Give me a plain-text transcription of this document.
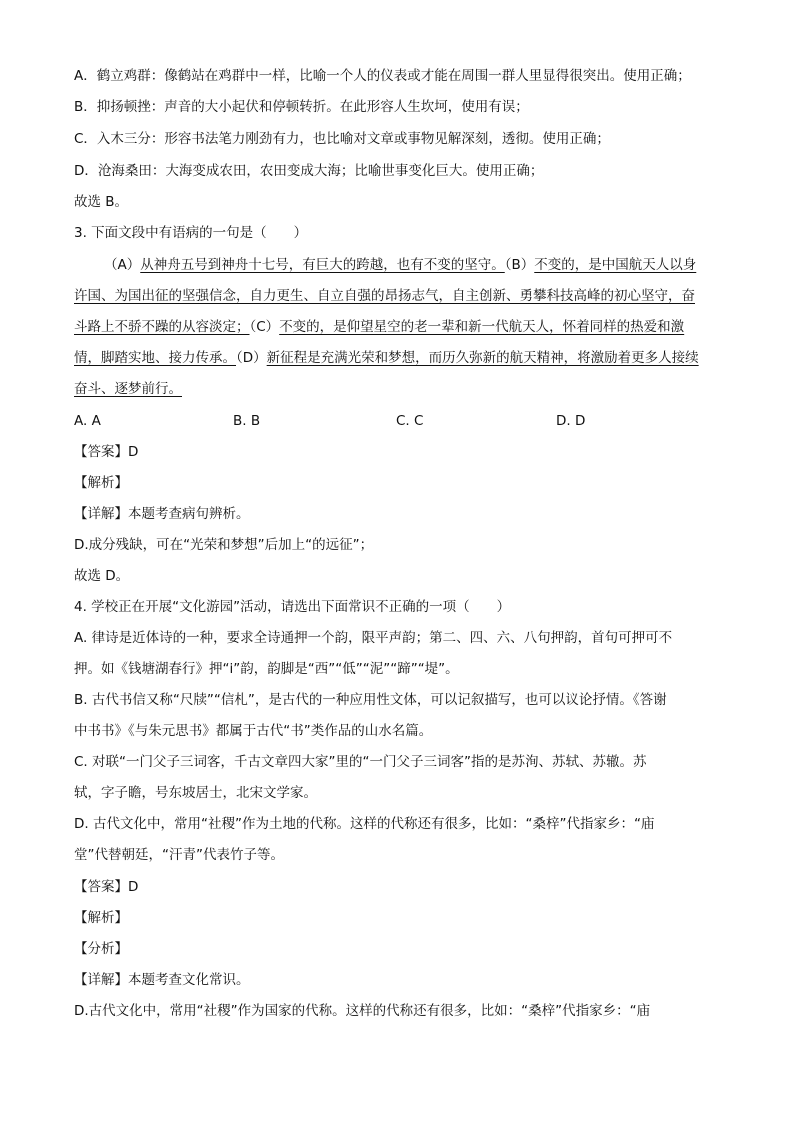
A．鹤立鸡群：像鹤站在鸡群中一样，比喻一个人的仪表或才能在周围一群人里显得很突出。使用正确；
B．抑扬顿挫：声音的大小起伏和停顿转折。在此形容人生坎坷，使用有误；
C．入木三分：形容书法笔力刚劲有力，也比喻对文章或事物见解深刻，透彻。使用正确；
D．沧海桑田：大海变成农田，农田变成大海；比喻世事变化巨大。使用正确；
故选 B。
3. 下面文段中有语病的一句是（　　）
（A）从神舟五号到神舟十七号，有巨大的跨越，也有不变的坚守。（B）不变的，是中国航天人以身
许国、为国出征的坚强信念，自力更生、自立自强的昂扬志气，自主创新、勇攀科技高峰的初心坚守，奋
斗路上不骄不躁的从容淡定；（C）不变的，是仰望星空的老一辈和新一代航天人，怀着同样的热爱和激
情，脚踏实地、接力传承。（D）新征程是充满光荣和梦想，而历久弥新的航天精神，将激励着更多人接续
奋斗、逐梦前行。
A. A	B. B	C. C	D. D
【答案】D
【解析】
【详解】本题考查病句辨析。
D.成分残缺，可在“光荣和梦想”后加上“的远征”；
故选 D。
4. 学校正在开展“文化游园”活动，请选出下面常识不正确的一项（　　）
A. 律诗是近体诗的一种，要求全诗通押一个韵，限平声韵；第二、四、六、八句押韵，首句可押可不
押。如《钱塘湖春行》押“i”韵，韵脚是“西”“低”“泥”“蹄”“堤”。
B. 古代书信又称“尺牍”“信札”，是古代的一种应用性文体，可以记叙描写，也可以议论抒情。《答谢
中书书》《与朱元思书》都属于古代“书”类作品的山水名篇。
C. 对联“一门父子三词客，千古文章四大家”里的“一门父子三词客”指的是苏洵、苏轼、苏辙。苏
轼，字子瞻，号东坡居士，北宋文学家。
D. 古代文化中，常用“社稷”作为土地的代称。这样的代称还有很多，比如：“桑梓”代指家乡：“庙
堂”代替朝廷，“汗青”代表竹子等。
【答案】D
【解析】
【分析】
【详解】本题考查文化常识。
D.古代文化中，常用“社稷”作为国家的代称。这样的代称还有很多，比如：“桑梓”代指家乡：“庙
